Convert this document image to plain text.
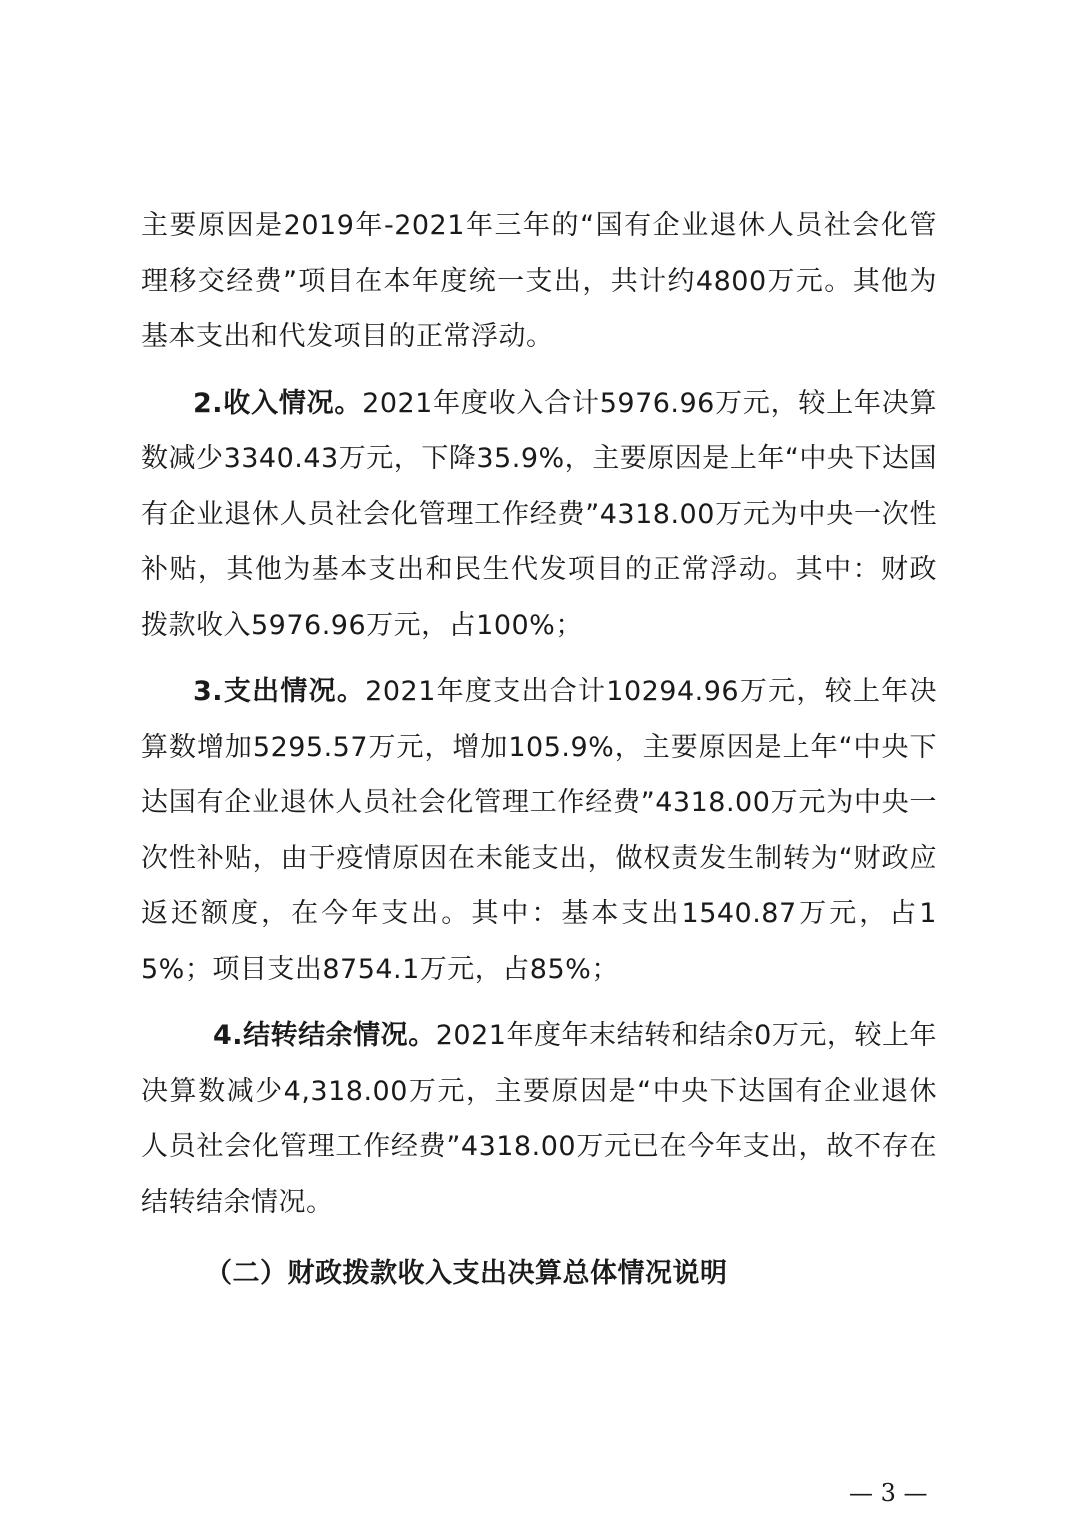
主要原因是2019年-2021年三年的“国有企业退休人员社会化管理移交经费”项目在本年度统一支出，共计约4800万元。其他为基本支出和代发项目的正常浮动。

2.收入情况。2021年度收入合计5976.96万元，较上年决算数减少3340.43万元，下降35.9%，主要原因是上年“中央下达国有企业退休人员社会化管理工作经费”4318.00万元为中央一次性补贴，其他为基本支出和民生代发项目的正常浮动。其中：财政拨款收入5976.96万元，占100%；

3.支出情况。2021年度支出合计10294.96万元，较上年决算数增加5295.57万元，增加105.9%，主要原因是上年“中央下达国有企业退休人员社会化管理工作经费”4318.00万元为中央一次性补贴，由于疫情原因在未能支出，做权责发生制转为“财政应返还额度，在今年支出。其中：基本支出1540.87万元，占15%；项目支出8754.1万元，占85%；

4.结转结余情况。2021年度年末结转和结余0万元，较上年决算数减少4,318.00万元，主要原因是“中央下达国有企业退休人员社会化管理工作经费”4318.00万元已在今年支出，故不存在结转结余情况。

（二）财政拨款收入支出决算总体情况说明
— 3 —
